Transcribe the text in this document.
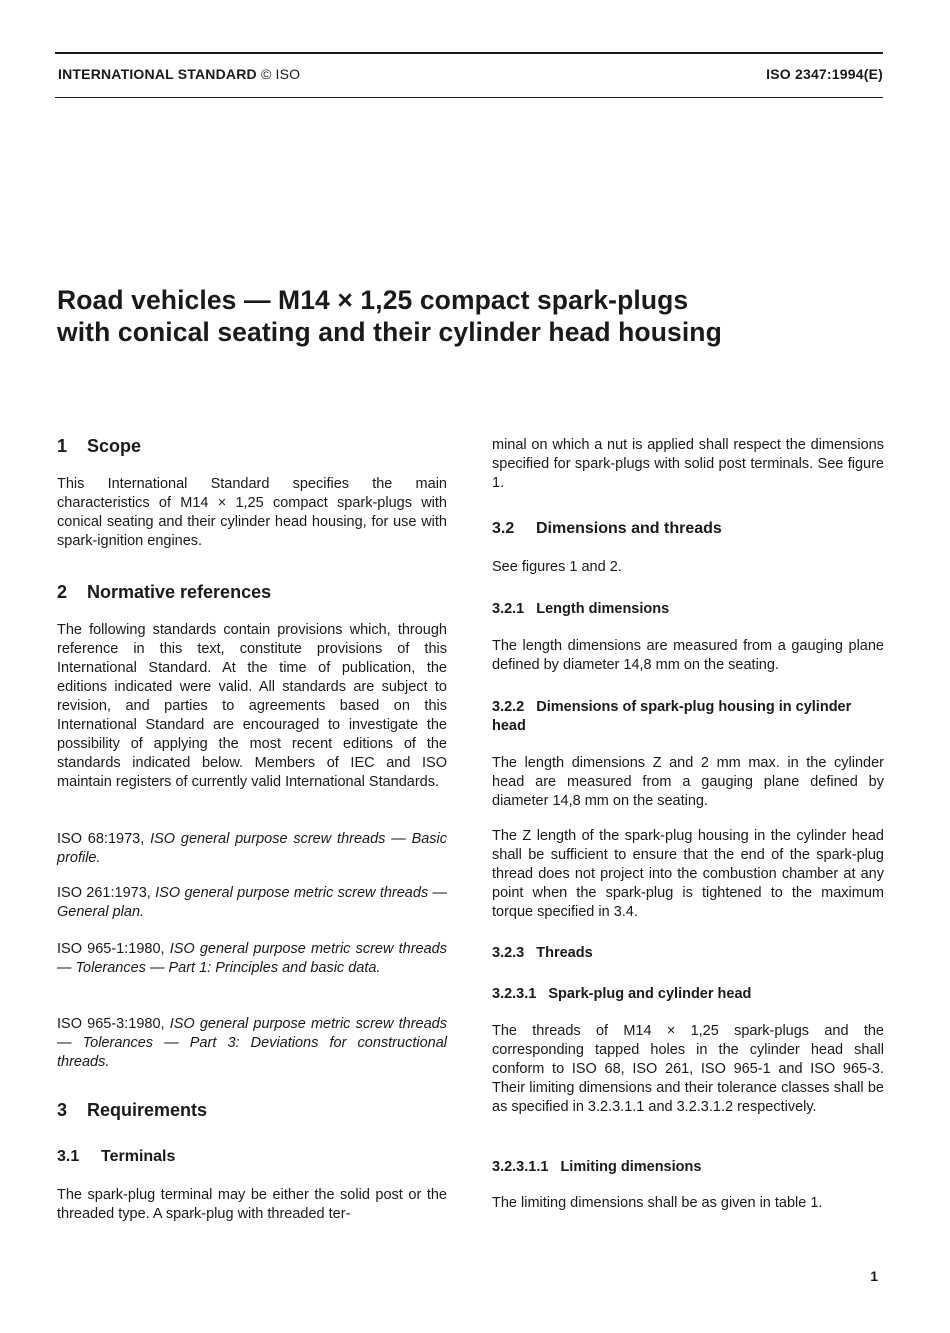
INTERNATIONAL STANDARD © ISO	ISO 2347:1994(E)
Road vehicles — M14 × 1,25 compact spark-plugs
with conical seating and their cylinder head housing
1 Scope

This International Standard specifies the main characteristics of M14 × 1,25 compact spark-plugs with conical seating and their cylinder head housing, for use with spark-ignition engines.

2 Normative references

The following standards contain provisions which, through reference in this text, constitute provisions of this International Standard. At the time of publication, the editions indicated were valid. All standards are subject to revision, and parties to agreements based on this International Standard are encouraged to investigate the possibility of applying the most recent editions of the standards indicated below. Members of IEC and ISO maintain registers of currently valid International Standards.

ISO 68:1973, ISO general purpose screw threads — Basic profile.

ISO 261:1973, ISO general purpose metric screw threads — General plan.

ISO 965-1:1980, ISO general purpose metric screw threads — Tolerances — Part 1: Principles and basic data.

ISO 965-3:1980, ISO general purpose metric screw threads — Tolerances — Part 3: Deviations for constructional threads.

3 Requirements
3.1 Terminals

The spark-plug terminal may be either the solid post or the threaded type. A spark-plug with threaded ter-

minal on which a nut is applied shall respect the dimensions specified for spark-plugs with solid post terminals. See figure 1.

3.2 Dimensions and threads

See figures 1 and 2.

3.2.1 Length dimensions

The length dimensions are measured from a gauging plane defined by diameter 14,8 mm on the seating.

3.2.2 Dimensions of spark-plug housing in cylinder head

The length dimensions Z and 2 mm max. in the cylinder head are measured from a gauging plane defined by diameter 14,8 mm on the seating.

The Z length of the spark-plug housing in the cylinder head shall be sufficient to ensure that the end of the spark-plug thread does not project into the combustion chamber at any point when the spark-plug is tightened to the maximum torque specified in 3.4.

3.2.3 Threads
3.2.3.1 Spark-plug and cylinder head

The threads of M14 × 1,25 spark-plugs and the corresponding tapped holes in the cylinder head shall conform to ISO 68, ISO 261, ISO 965-1 and ISO 965-3. Their limiting dimensions and their tolerance classes shall be as specified in 3.2.3.1.1 and 3.2.3.1.2 respectively.

3.2.3.1.1 Limiting dimensions

The limiting dimensions shall be as given in table 1.

1
